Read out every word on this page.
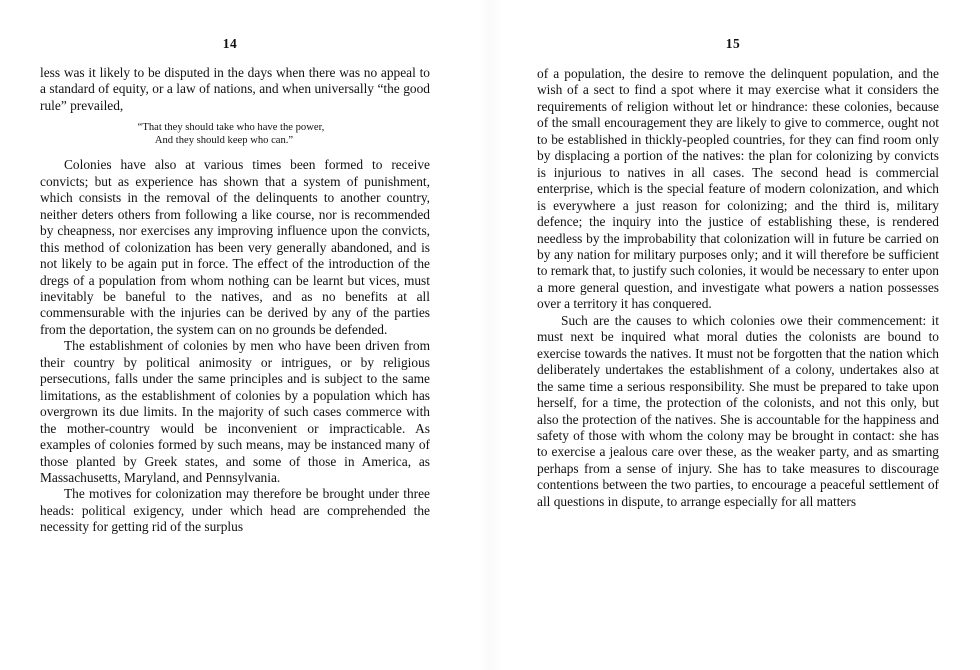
14

less was it likely to be disputed in the days when there was no appeal to a standard of equity, or a law of nations, and when universally “the good rule” prevailed,

“That they should take who have the power,
And they should keep who can.”

Colonies have also at various times been formed to receive convicts; but as experience has shown that a system of punishment, which consists in the removal of the delinquents to another country, neither deters others from following a like course, nor is recommended by cheapness, nor exercises any improving influence upon the convicts, this method of colonization has been very generally abandoned, and is not likely to be again put in force. The effect of the introduction of the dregs of a population from whom nothing can be learnt but vices, must inevitably be baneful to the natives, and as no benefits at all commensurable with the injuries can be derived by any of the parties from the deportation, the system can on no grounds be defended.

The establishment of colonies by men who have been driven from their country by political animosity or intrigues, or by religious persecutions, falls under the same principles and is subject to the same limitations, as the establishment of colonies by a population which has overgrown its due limits. In the majority of such cases commerce with the mother-country would be inconvenient or impracticable. As examples of colonies formed by such means, may be instanced many of those planted by Greek states, and some of those in America, as Massachusetts, Maryland, and Pennsylvania.

The motives for colonization may therefore be brought under three heads: political exigency, under which head are comprehended the necessity for getting rid of the surplus

15

of a population, the desire to remove the delinquent population, and the wish of a sect to find a spot where it may exercise what it considers the requirements of religion without let or hindrance: these colonies, because of the small encouragement they are likely to give to commerce, ought not to be established in thickly-peopled countries, for they can find room only by displacing a portion of the natives: the plan for colonizing by convicts is injurious to natives in all cases. The second head is commercial enterprise, which is the special feature of modern colonization, and which is everywhere a just reason for colonizing; and the third is, military defence; the inquiry into the justice of establishing these, is rendered needless by the improbability that colonization will in future be carried on by any nation for military purposes only; and it will therefore be sufficient to remark that, to justify such colonies, it would be necessary to enter upon a more general question, and investigate what powers a nation possesses over a territory it has conquered.

Such are the causes to which colonies owe their commencement: it must next be inquired what moral duties the colonists are bound to exercise towards the natives. It must not be forgotten that the nation which deliberately undertakes the establishment of a colony, undertakes also at the same time a serious responsibility. She must be prepared to take upon herself, for a time, the protection of the colonists, and not this only, but also the protection of the natives. She is accountable for the happiness and safety of those with whom the colony may be brought in contact: she has to exercise a jealous care over these, as the weaker party, and as smarting perhaps from a sense of injury. She has to take measures to discourage contentions between the two parties, to encourage a peaceful settlement of all questions in dispute, to arrange especially for all matters
